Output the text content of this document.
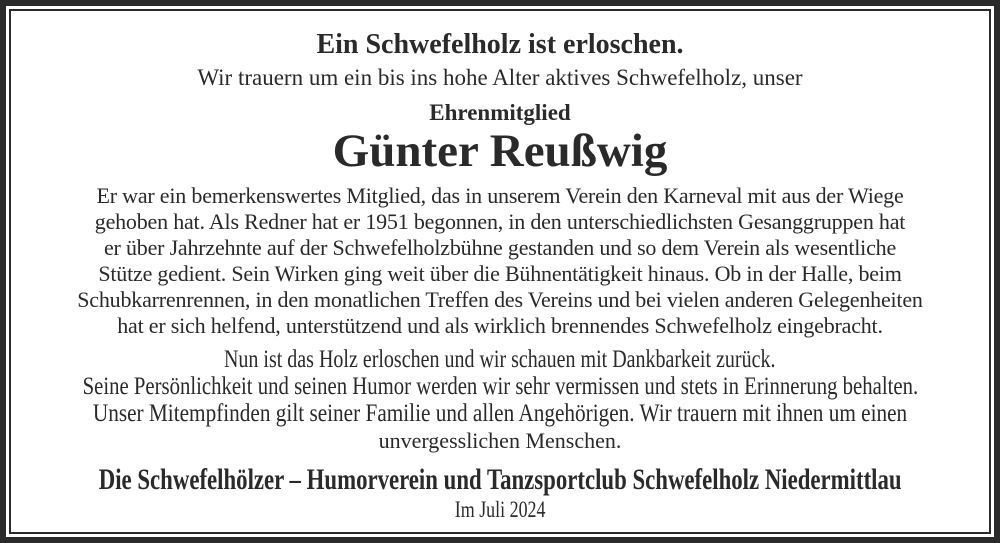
Ein Schwefelholz ist erloschen.
Wir trauern um ein bis ins hohe Alter aktives Schwefelholz, unser
Ehrenmitglied
Günter Reußwig
Er war ein bemerkenswertes Mitglied, das in unserem Verein den Karneval mit aus der Wiege
gehoben hat. Als Redner hat er 1951 begonnen, in den unterschiedlichsten Gesanggruppen hat
er über Jahrzehnte auf der Schwefelholzbühne gestanden und so dem Verein als wesentliche
Stütze gedient. Sein Wirken ging weit über die Bühnentätigkeit hinaus. Ob in der Halle, beim
Schubkarrenrennen, in den monatlichen Treffen des Vereins und bei vielen anderen Gelegenheiten
hat er sich helfend, unterstützend und als wirklich brennendes Schwefelholz eingebracht.
Nun ist das Holz erloschen und wir schauen mit Dankbarkeit zurück.
Seine Persönlichkeit und seinen Humor werden wir sehr vermissen und stets in Erinnerung behalten.
Unser Mitempfinden gilt seiner Familie und allen Angehörigen. Wir trauern mit ihnen um einen
unvergesslichen Menschen.
Die Schwefelhölzer – Humorverein und Tanzsportclub Schwefelholz Niedermittlau
Im Juli 2024
